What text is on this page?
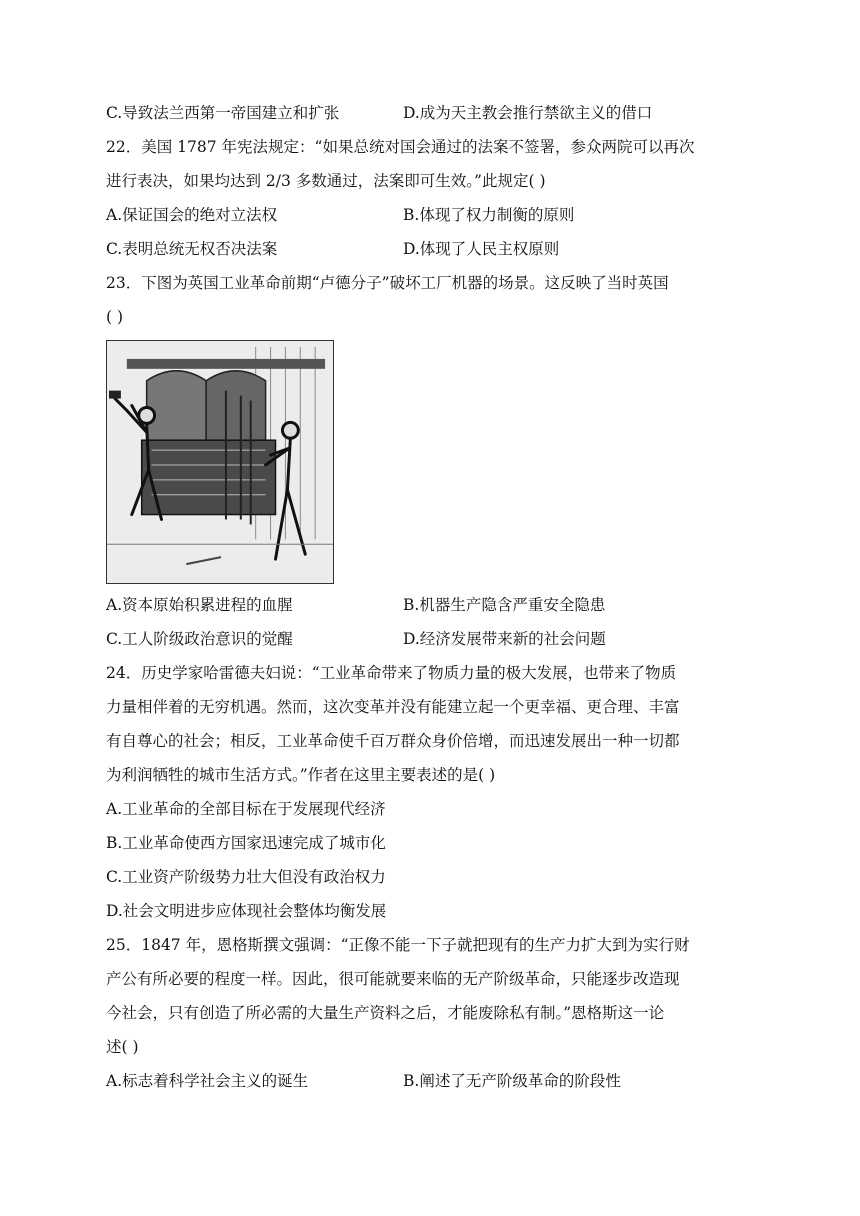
C.导致法兰西第一帝国建立和扩张	D.成为天主教会推行禁欲主义的借口
22．美国 1787 年宪法规定：“如果总统对国会通过的法案不签署，参众两院可以再次
进行表决，如果均达到 2/3 多数通过，法案即可生效。”此规定( )
A.保证国会的绝对立法权	B.体现了权力制衡的原则
C.表明总统无权否决法案	D.体现了人民主权原则
23．下图为英国工业革命前期“卢德分子”破坏工厂机器的场景。这反映了当时英国
( )
A.资本原始积累进程的血腥	B.机器生产隐含严重安全隐患
C.工人阶级政治意识的觉醒	D.经济发展带来新的社会问题
24．历史学家哈雷德夫妇说：“工业革命带来了物质力量的极大发展，也带来了物质
力量相伴着的无穷机遇。然而，这次变革并没有能建立起一个更幸福、更合理、丰富
有自尊心的社会；相反，工业革命使千百万群众身价倍增，而迅速发展出一种一切都
为利润牺牲的城市生活方式。”作者在这里主要表述的是( )
A.工业革命的全部目标在于发展现代经济
B.工业革命使西方国家迅速完成了城市化
C.工业资产阶级势力壮大但没有政治权力
D.社会文明进步应体现社会整体均衡发展
25．1847 年，恩格斯撰文强调：“正像不能一下子就把现有的生产力扩大到为实行财
产公有所必要的程度一样。因此，很可能就要来临的无产阶级革命，只能逐步改造现
今社会，只有创造了所必需的大量生产资料之后，才能废除私有制。”恩格斯这一论
述( )
A.标志着科学社会主义的诞生	B.阐述了无产阶级革命的阶段性
